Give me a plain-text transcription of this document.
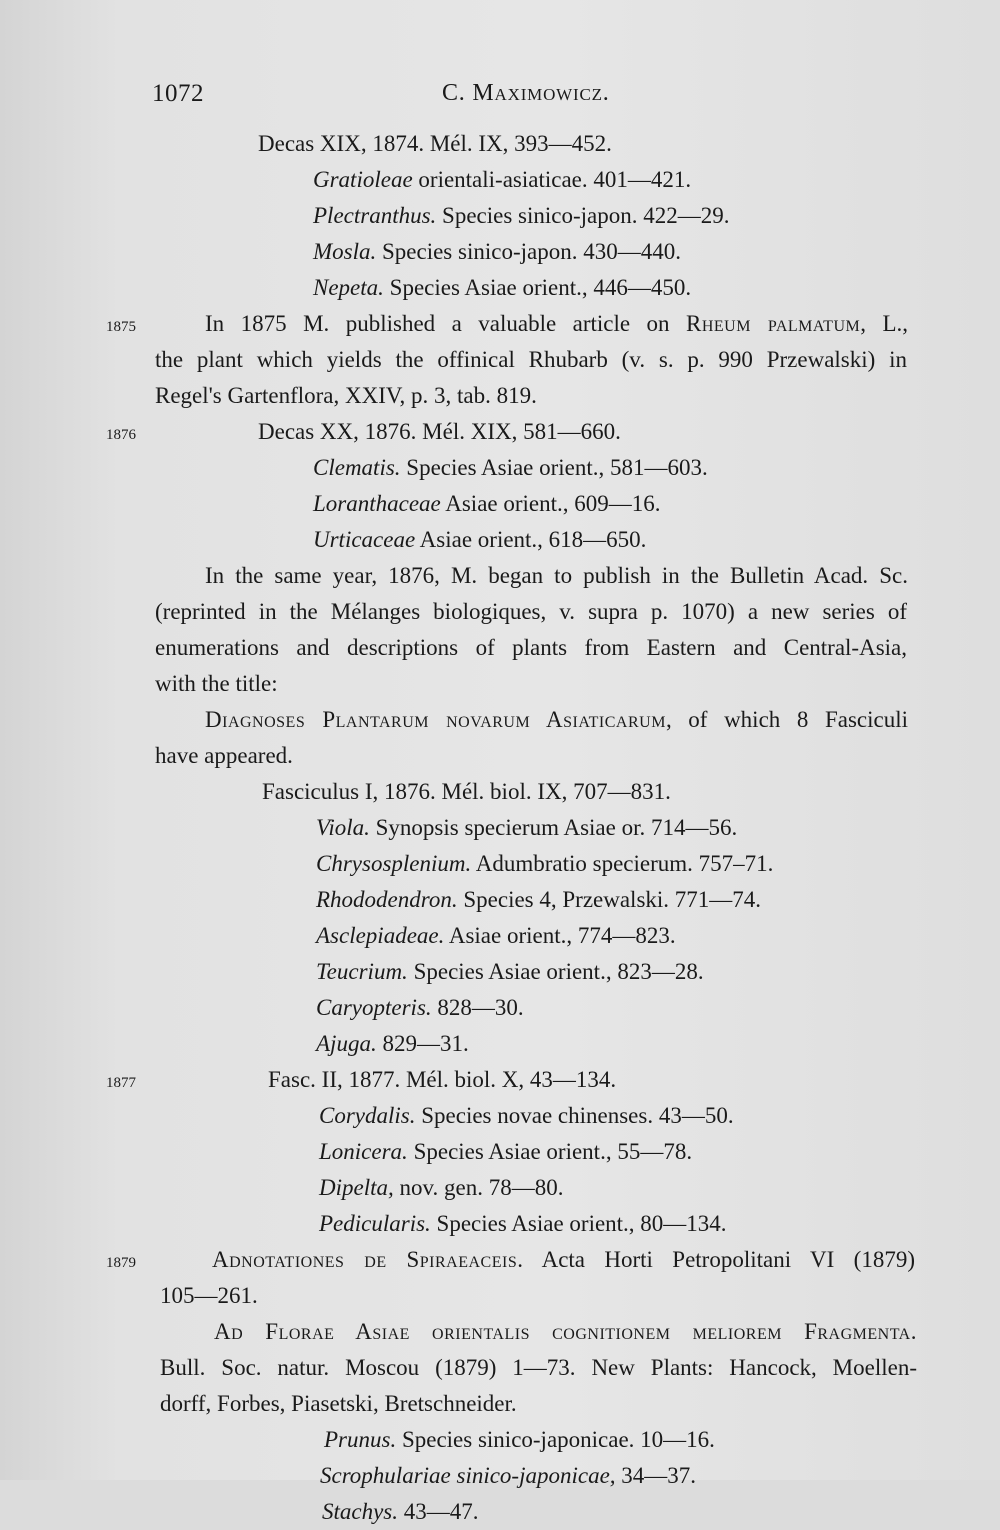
1072	C. Maximowicz.
Decas XIX, 1874. Mél. IX, 393—452.
Gratioleae orientali-asiaticae. 401—421.
Plectranthus. Species sinico-japon. 422—29.
Mosla. Species sinico-japon. 430—440.
Nepeta. Species Asiae orient., 446—450.
1875	In 1875 M. published a valuable article on Rheum palmatum, L.,
the plant which yields the offinical Rhubarb (v. s. p. 990 Przewalski) in
Regel's Gartenflora, XXIV, p. 3, tab. 819.
1876	Decas XX, 1876. Mél. XIX, 581—660.
Clematis. Species Asiae orient., 581—603.
Loranthaceae Asiae orient., 609—16.
Urticaceae Asiae orient., 618—650.
In the same year, 1876, M. began to publish in the Bulletin Acad. Sc.
(reprinted in the Mélanges biologiques, v. supra p. 1070) a new series of
enumerations and descriptions of plants from Eastern and Central-Asia,
with the title:
Diagnoses Plantarum novarum Asiaticarum, of which 8 Fasciculi
have appeared.
Fasciculus I, 1876. Mél. biol. IX, 707—831.
Viola. Synopsis specierum Asiae or. 714—56.
Chrysosplenium. Adumbratio specierum. 757–71.
Rhododendron. Species 4, Przewalski. 771—74.
Asclepiadeae. Asiae orient., 774—823.
Teucrium. Species Asiae orient., 823—28.
Caryopteris. 828—30.
Ajuga. 829—31.
1877	Fasc. II, 1877. Mél. biol. X, 43—134.
Corydalis. Species novae chinenses. 43—50.
Lonicera. Species Asiae orient., 55—78.
Dipelta, nov. gen. 78—80.
Pedicularis. Species Asiae orient., 80—134.
1879	Adnotationes de Spiraeaceis. Acta Horti Petropolitani VI (1879)
105—261.
Ad Florae Asiae orientalis cognitionem meliorem Fragmenta.
Bull. Soc. natur. Moscou (1879) 1—73. New Plants: Hancock, Moellen-
dorff, Forbes, Piasetski, Bretschneider.
Prunus. Species sinico-japonicae. 10—16.
Scrophulariae sinico-japonicae, 34—37.
Stachys. 43—47.
